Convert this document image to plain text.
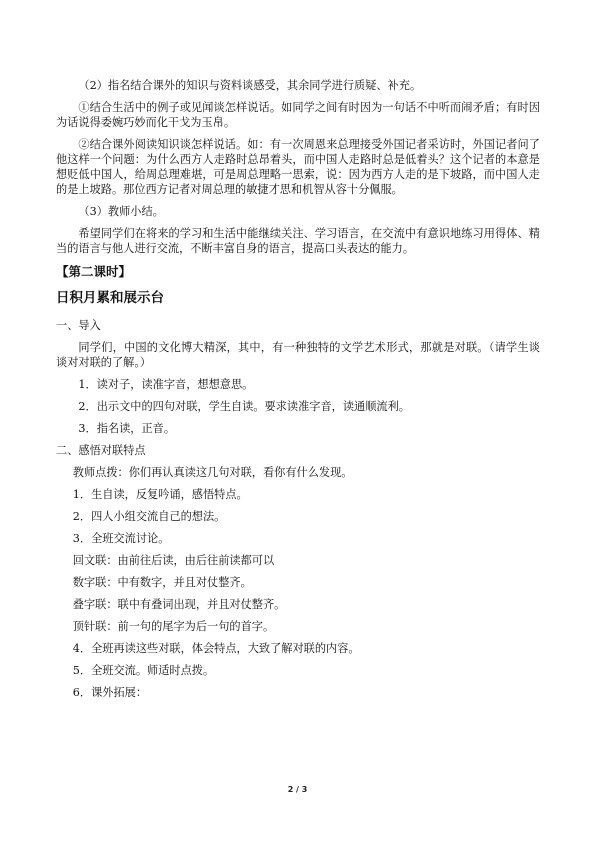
（2）指名结合课外的知识与资料谈感受，其余同学进行质疑、补充。

①结合生活中的例子或见闻谈怎样说话。如同学之间有时因为一句话不中听而闹矛盾；有时因为话说得委婉巧妙而化干戈为玉帛。

②结合课外阅读知识谈怎样说话。如：有一次周恩来总理接受外国记者采访时，外国记者问了他这样一个问题：为什么西方人走路时总昂着头，而中国人走路时总是低着头？这个记者的本意是想贬低中国人，给周总理难堪，可是周总理略一思索，说：因为西方人走的是下坡路，而中国人走的是上坡路。那位西方记者对周总理的敏捷才思和机智从容十分佩服。

（3）教师小结。

希望同学们在将来的学习和生活中能继续关注、学习语言，在交流中有意识地练习用得体、精当的语言与他人进行交流，不断丰富自身的语言，提高口头表达的能力。

【第二课时】

日积月累和展示台

一、导入

同学们，中国的文化博大精深，其中，有一种独特的文学艺术形式，那就是对联。（请学生谈谈对对联的了解。）

1．读对子，读准字音，想想意思。

2．出示文中的四句对联，学生自读。要求读准字音，读通顺流利。

3．指名读，正音。

二、感悟对联特点

教师点拨：你们再认真读这几句对联，看你有什么发现。

1．生自读，反复吟诵，感悟特点。

2．四人小组交流自己的想法。

3．全班交流讨论。

回文联：由前往后读，由后往前读都可以

数字联：中有数字，并且对仗整齐。

叠字联：联中有叠词出现，并且对仗整齐。

顶针联：前一句的尾字为后一句的首字。

4．全班再读这些对联，体会特点，大致了解对联的内容。

5．全班交流。师适时点拨。

6．课外拓展：

2 / 3
